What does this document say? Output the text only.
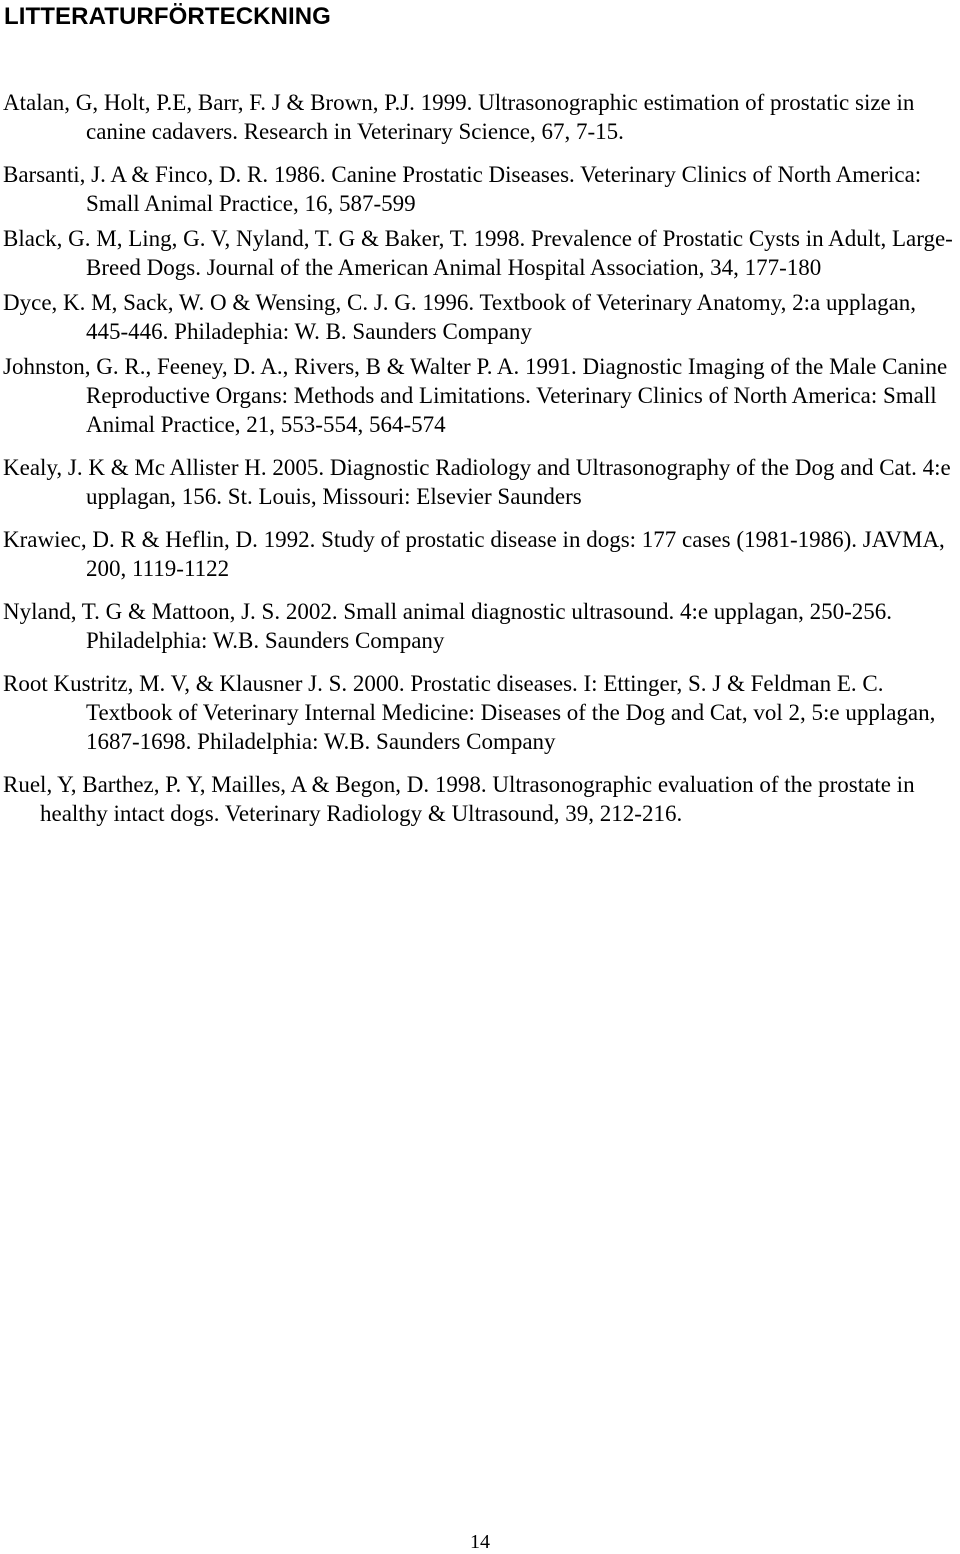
LITTERATURFÖRTECKNING
Atalan, G, Holt, P.E, Barr, F. J & Brown, P.J. 1999. Ultrasonographic estimation of prostatic size in canine cadavers. Research in Veterinary Science, 67, 7-15.
Barsanti, J. A & Finco, D. R. 1986. Canine Prostatic Diseases. Veterinary Clinics of North America: Small Animal Practice, 16, 587-599
Black, G. M, Ling, G. V, Nyland, T. G & Baker, T. 1998. Prevalence of Prostatic Cysts in Adult, Large-Breed Dogs. Journal of the American Animal Hospital Association, 34, 177-180
Dyce, K. M, Sack, W. O & Wensing, C. J. G. 1996. Textbook of Veterinary Anatomy, 2:a upplagan, 445-446. Philadephia: W. B. Saunders Company
Johnston, G. R., Feeney, D. A., Rivers, B & Walter P. A. 1991. Diagnostic Imaging of the Male Canine Reproductive Organs: Methods and Limitations. Veterinary Clinics of North America: Small Animal Practice, 21, 553-554, 564-574
Kealy, J. K & Mc Allister H. 2005. Diagnostic Radiology and Ultrasonography of the Dog and Cat. 4:e upplagan, 156. St. Louis, Missouri: Elsevier Saunders
Krawiec, D. R & Heflin, D. 1992. Study of prostatic disease in dogs: 177 cases (1981-1986). JAVMA, 200, 1119-1122
Nyland, T. G & Mattoon, J. S. 2002. Small animal diagnostic ultrasound. 4:e upplagan, 250-256. Philadelphia: W.B. Saunders Company
Root Kustritz, M. V, & Klausner J. S. 2000. Prostatic diseases. I: Ettinger, S. J & Feldman E. C. Textbook of Veterinary Internal Medicine: Diseases of the Dog and Cat, vol 2, 5:e upplagan, 1687-1698. Philadelphia: W.B. Saunders Company
Ruel, Y, Barthez, P. Y, Mailles, A & Begon, D. 1998. Ultrasonographic evaluation of the prostate in healthy intact dogs. Veterinary Radiology & Ultrasound, 39, 212-216.
14
